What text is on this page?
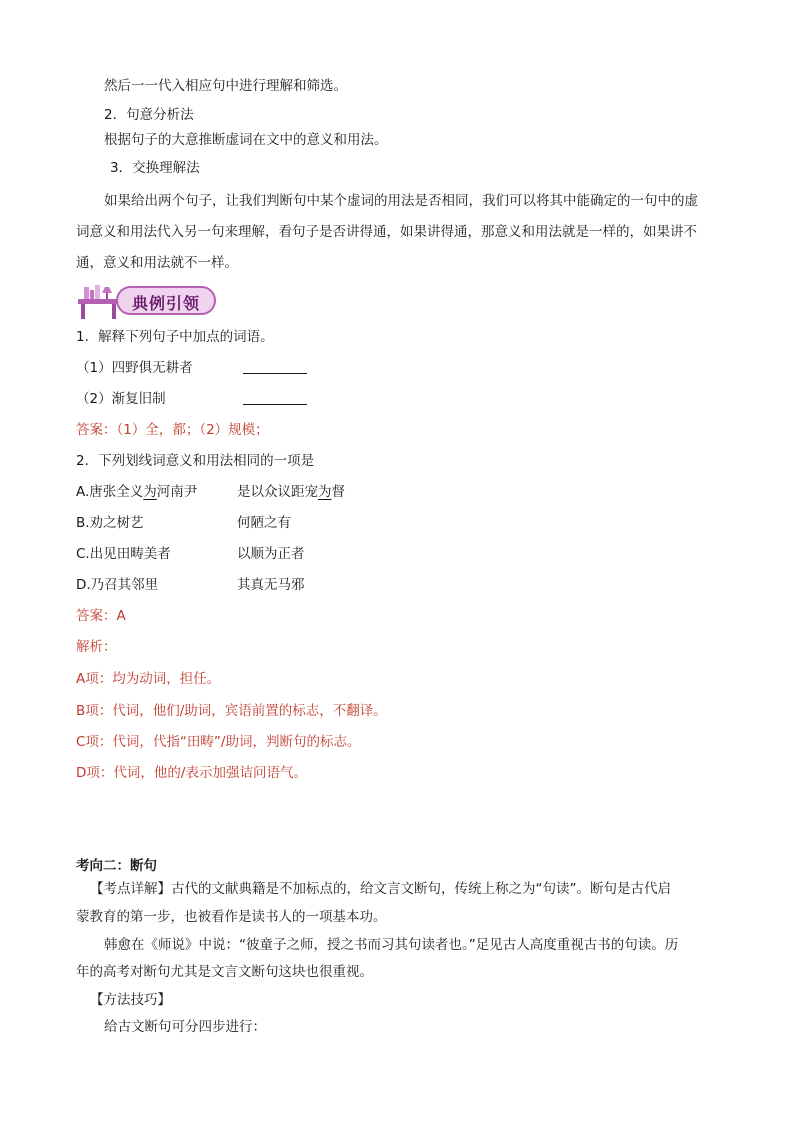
然后一一代入相应句中进行理解和筛选。
2．句意分析法
根据句子的大意推断虚词在文中的意义和用法。
3．交换理解法
如果给出两个句子，让我们判断句中某个虚词的用法是否相同，我们可以将其中能确定的一句中的虚
词意义和用法代入另一句来理解，看句子是否讲得通，如果讲得通，那意义和用法就是一样的，如果讲不
通，意义和用法就不一样。
典例引领
1．解释下列句子中加点的词语。
（1）四野俱无耕者
（2）渐复旧制
答案：（1）全，都；（2）规模；
2．下列划线词意义和用法相同的一项是
A.唐张全义为河南尹	是以众议距宠为督
B.劝之树艺	何陋之有
C.出见田畴美者	以顺为正者
D.乃召其邻里	其真无马邪
答案：A
解析：
A项：均为动词，担任。
B项：代词，他们/助词，宾语前置的标志，不翻译。
C项：代词，代指“田畴”/助词，判断句的标志。
D项：代词，他的/表示加强诘问语气。
考向二：断句
【考点详解】古代的文献典籍是不加标点的，给文言文断句，传统上称之为“句读”。断句是古代启
蒙教育的第一步，也被看作是读书人的一项基本功。
韩愈在《师说》中说：“彼童子之师，授之书而习其句读者也。”足见古人高度重视古书的句读。历
年的高考对断句尤其是文言文断句这块也很重视。
【方法技巧】
给古文断句可分四步进行：
